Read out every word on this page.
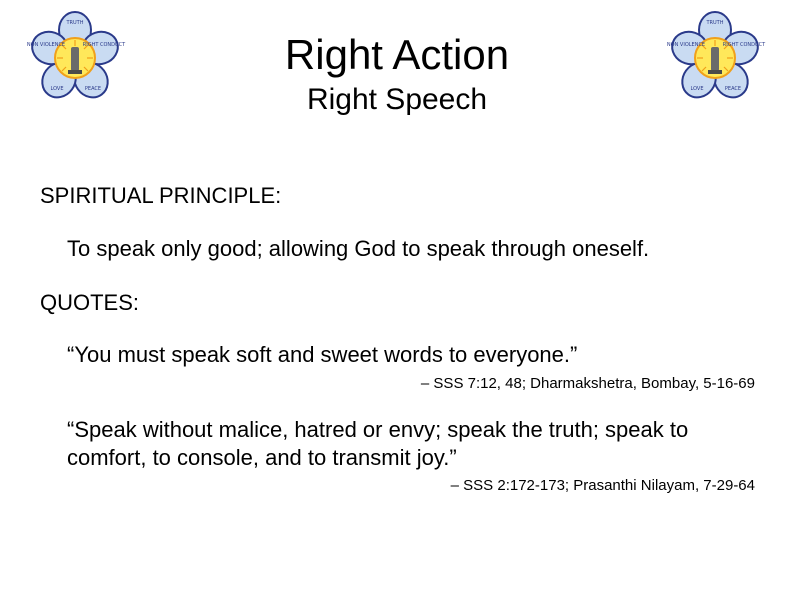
TRUTH
RIGHT CONDUCT
PEACE
LOVE
NON VIOLENCE
TRUTH
RIGHT CONDUCT
PEACE
LOVE
NON VIOLENCE
Right Action
Right Speech
SPIRITUAL PRINCIPLE:
To speak only good; allowing God to speak through oneself.
QUOTES:
“You must speak soft and sweet words to everyone.”
– SSS 7:12, 48; Dharmakshetra, Bombay, 5-16-69
“Speak without malice, hatred or envy; speak the truth; speak to comfort, to console, and to transmit joy.”
– SSS 2:172-173; Prasanthi Nilayam, 7-29-64
